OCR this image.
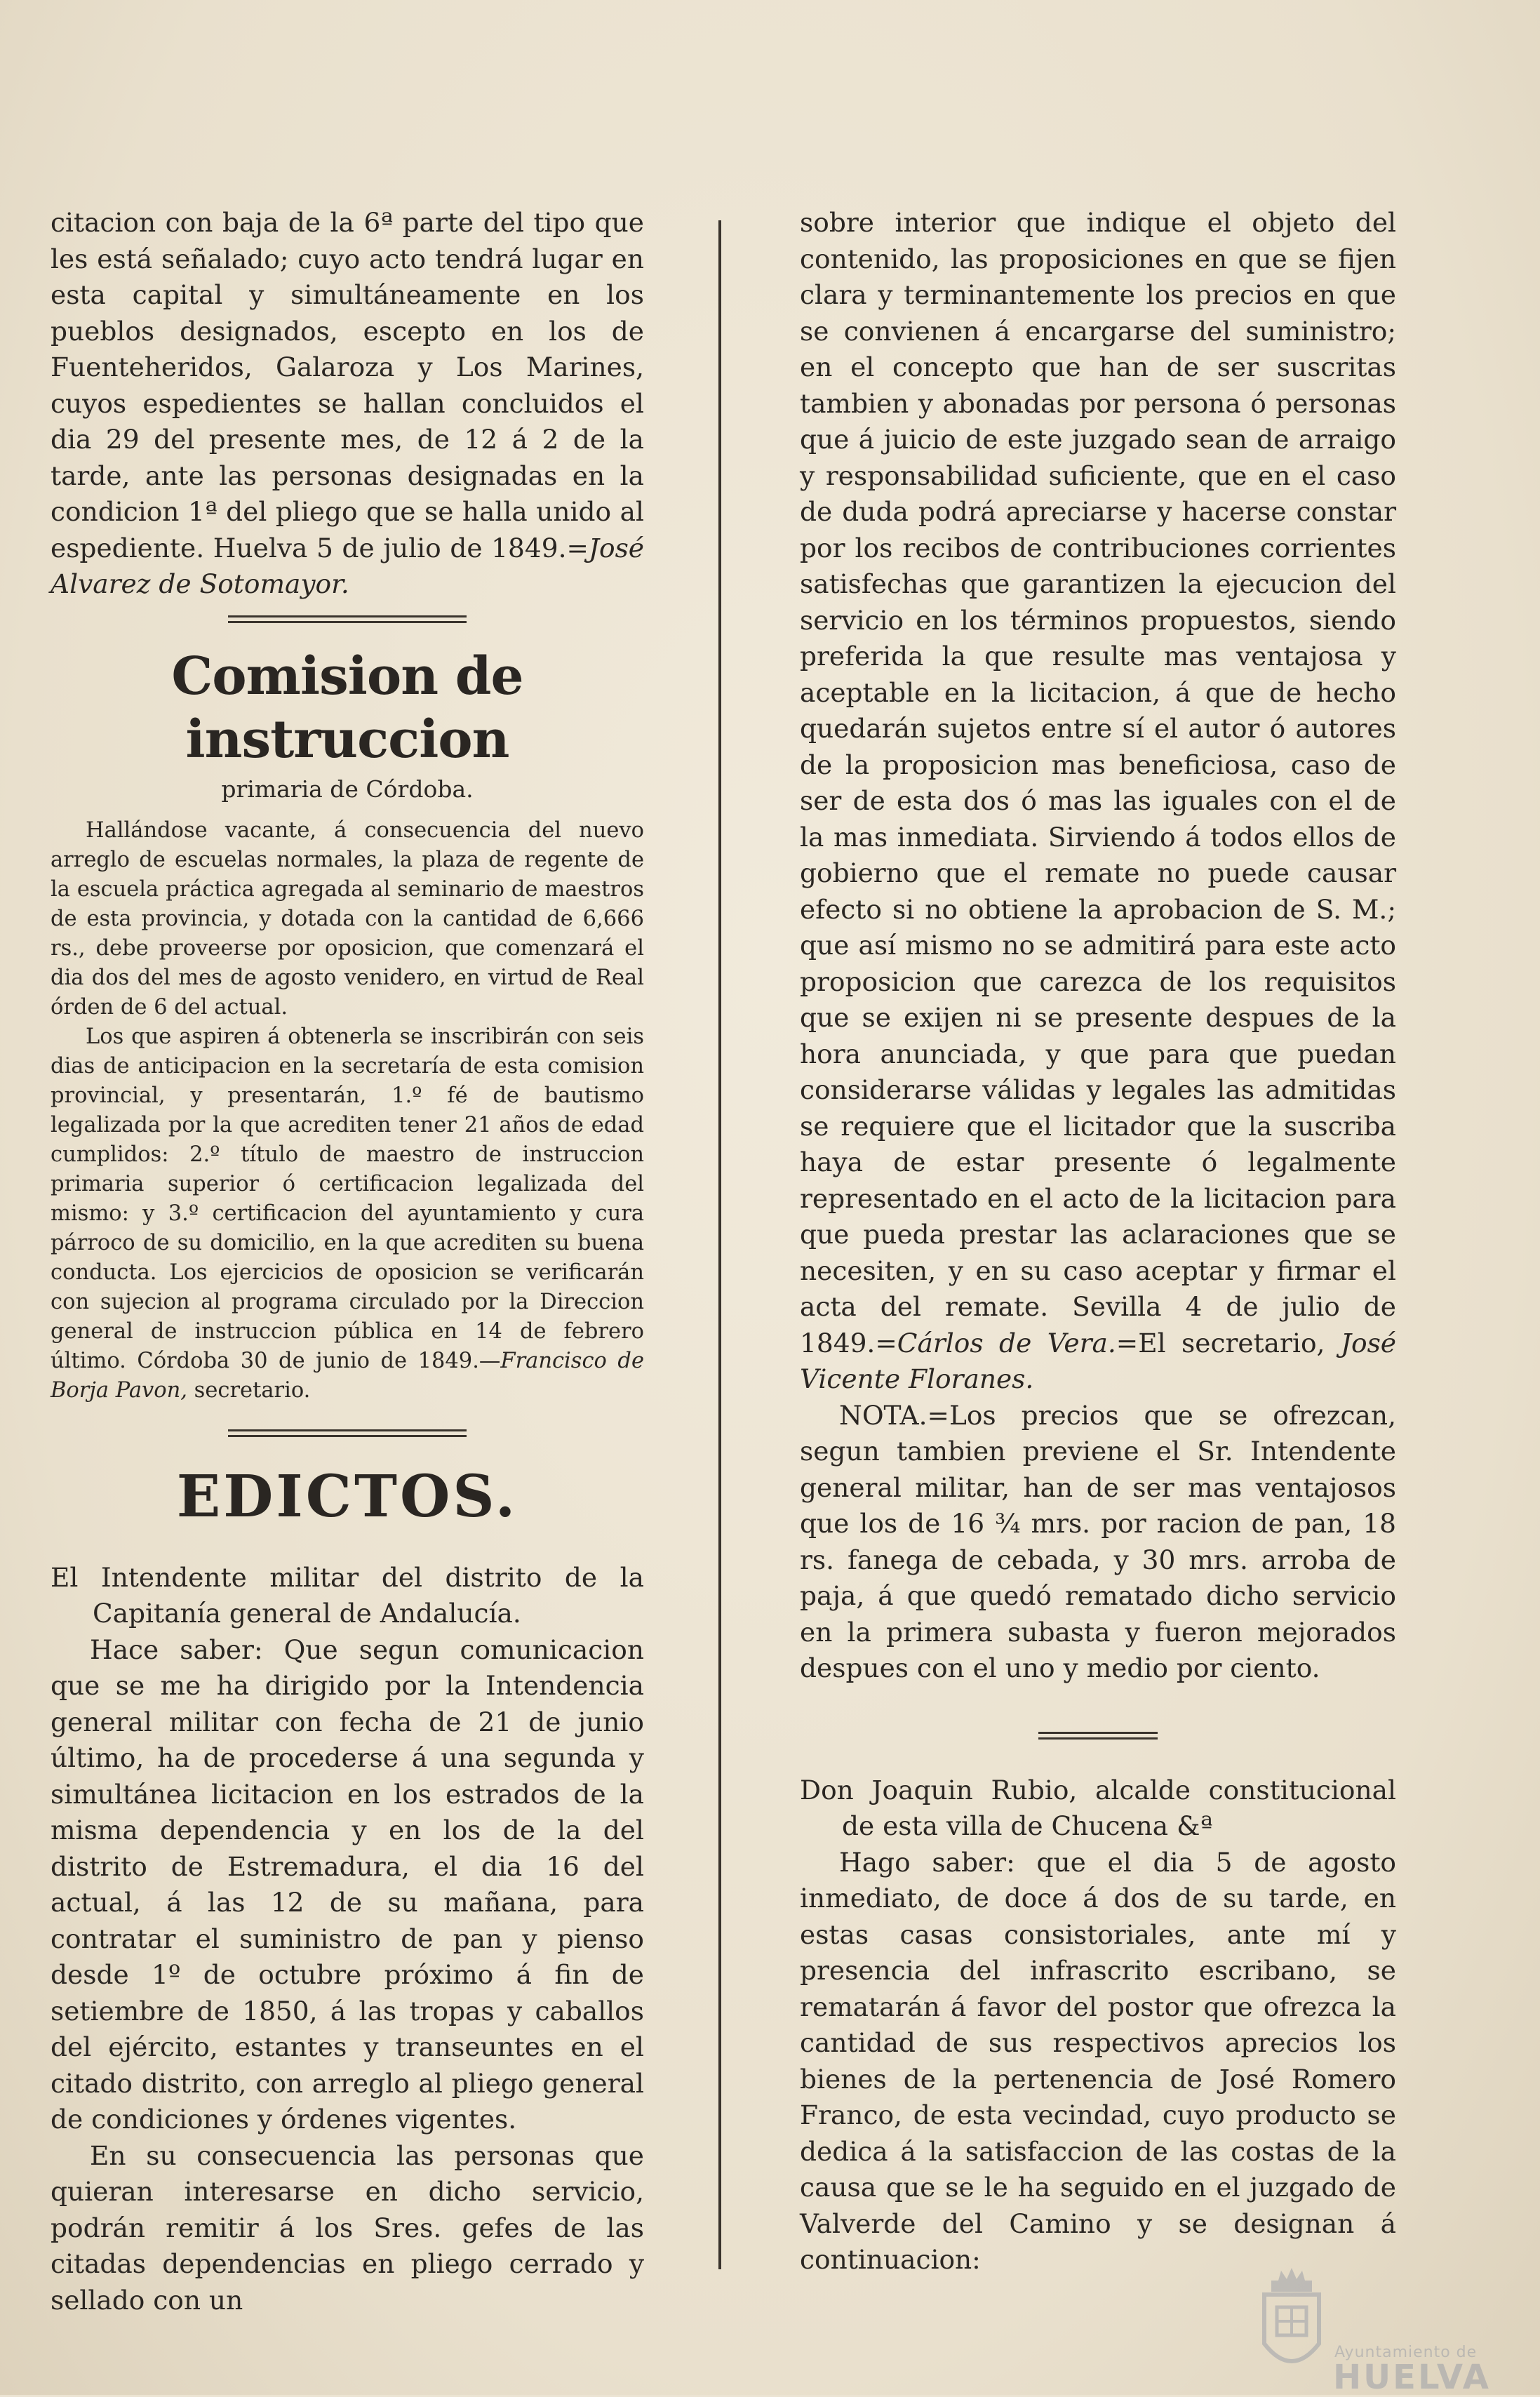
citacion con baja de la 6ª parte del tipo que les está señalado; cuyo acto tendrá lugar en esta capital y simultáneamente en los pueblos designados, escepto en los de Fuenteheridos, Galaroza y Los Marines, cuyos espedientes se hallan concluidos el dia 29 del presente mes, de 12 á 2 de la tarde, ante las personas designadas en la condicion 1ª del pliego que se halla unido al espediente. Huelva 5 de julio de 1849.=José Alvarez de Sotomayor.

Comision de instruccion
primaria de Córdoba.

Hallándose vacante, á consecuencia del nuevo arreglo de escuelas normales, la plaza de regente de la escuela práctica agregada al seminario de maestros de esta provincia, y dotada con la cantidad de 6,666 rs., debe proveerse por oposicion, que comenzará el dia dos del mes de agosto venidero, en virtud de Real órden de 6 del actual.

Los que aspiren á obtenerla se inscribirán con seis dias de anticipacion en la secretaría de esta comision provincial, y presentarán, 1.º fé de bautismo legalizada por la que acrediten tener 21 años de edad cumplidos: 2.º título de maestro de instruccion primaria superior ó certificacion legalizada del mismo: y 3.º certificacion del ayuntamiento y cura párroco de su domicilio, en la que acrediten su buena conducta. Los ejercicios de oposicion se verificarán con sujecion al programa circulado por la Direccion general de instruccion pública en 14 de febrero último. Córdoba 30 de junio de 1849.—Francisco de Borja Pavon, secretario.

EDICTOS.

El Intendente militar del distrito de la Capitanía general de Andalucía.

Hace saber: Que segun comunicacion que se me ha dirigido por la Intendencia general militar con fecha de 21 de junio último, ha de procederse á una segunda y simultánea licitacion en los estrados de la misma dependencia y en los de la del distrito de Estremadura, el dia 16 del actual, á las 12 de su mañana, para contratar el suministro de pan y pienso desde 1º de octubre próximo á fin de setiembre de 1850, á las tropas y caballos del ejército, estantes y transeuntes en el citado distrito, con arreglo al pliego general de condiciones y órdenes vigentes.

En su consecuencia las personas que quieran interesarse en dicho servicio, podrán remitir á los Sres. gefes de las citadas dependencias en pliego cerrado y sellado con un

sobre interior que indique el objeto del contenido, las proposiciones en que se fijen clara y terminantemente los precios en que se convienen á encargarse del suministro; en el concepto que han de ser suscritas tambien y abonadas por persona ó personas que á juicio de este juzgado sean de arraigo y responsabilidad suficiente, que en el caso de duda podrá apreciarse y hacerse constar por los recibos de contribuciones corrientes satisfechas que garantizen la ejecucion del servicio en los términos propuestos, siendo preferida la que resulte mas ventajosa y aceptable en la licitacion, á que de hecho quedarán sujetos entre sí el autor ó autores de la proposicion mas beneficiosa, caso de ser de esta dos ó mas las iguales con el de la mas inmediata. Sirviendo á todos ellos de gobierno que el remate no puede causar efecto si no obtiene la aprobacion de S. M.; que así mismo no se admitirá para este acto proposicion que carezca de los requisitos que se exijen ni se presente despues de la hora anunciada, y que para que puedan considerarse válidas y legales las admitidas se requiere que el licitador que la suscriba haya de estar presente ó legalmente representado en el acto de la licitacion para que pueda prestar las aclaraciones que se necesiten, y en su caso aceptar y firmar el acta del remate. Sevilla 4 de julio de 1849.=Cárlos de Vera.=El secretario, José Vicente Floranes.

NOTA.=Los precios que se ofrezcan, segun tambien previene el Sr. Intendente general militar, han de ser mas ventajosos que los de 16 ¾ mrs. por racion de pan, 18 rs. fanega de cebada, y 30 mrs. arroba de paja, á que quedó rematado dicho servicio en la primera subasta y fueron mejorados despues con el uno y medio por ciento.

Don Joaquin Rubio, alcalde constitucional de esta villa de Chucena &ª

Hago saber: que el dia 5 de agosto inmediato, de doce á dos de su tarde, en estas casas consistoriales, ante mí y presencia del infrascrito escribano, se rematarán á favor del postor que ofrezca la cantidad de sus respectivos aprecios los bienes de la pertenencia de José Romero Franco, de esta vecindad, cuyo producto se dedica á la satisfaccion de las costas de la causa que se le ha seguido en el juzgado de Valverde del Camino y se designan á continuacion:

Ayuntamiento de
HUELVA
